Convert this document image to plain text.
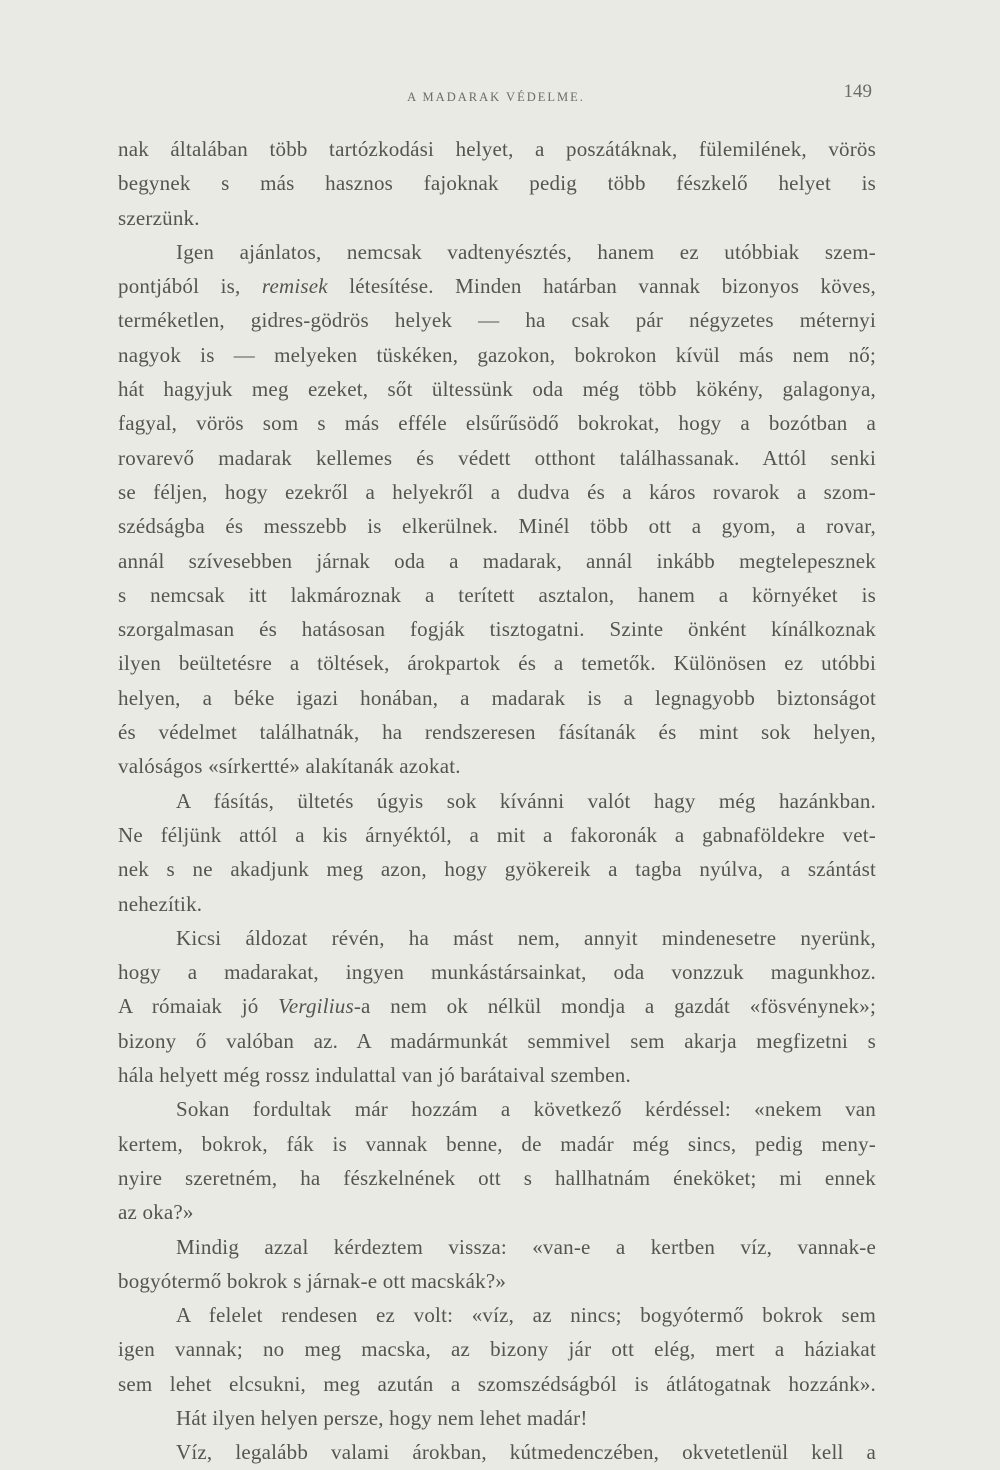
A MADARAK VÉDELME.	149
nak általában több tartózkodási helyet, a poszátáknak, fülemilének, vörös
begynek s más hasznos fajoknak pedig több fészkelő helyet is
szerzünk.
Igen ajánlatos, nemcsak vadtenyésztés, hanem ez utóbbiak szem-
pontjából is, remisek létesítése. Minden határban vannak bizonyos köves,
terméketlen, gidres-gödrös helyek — ha csak pár négyzetes méternyi
nagyok is — melyeken tüskéken, gazokon, bokrokon kívül más nem nő;
hát hagyjuk meg ezeket, sőt ültessünk oda még több kökény, galagonya,
fagyal, vörös som s más efféle elsűrűsödő bokrokat, hogy a bozótban a
rovarevő madarak kellemes és védett otthont találhassanak. Attól senki
se féljen, hogy ezekről a helyekről a dudva és a káros rovarok a szom-
szédságba és messzebb is elkerülnek. Minél több ott a gyom, a rovar,
annál szívesebben járnak oda a madarak, annál inkább megtelepesznek
s nemcsak itt lakmároznak a terített asztalon, hanem a környéket is
szorgalmasan és hatásosan fogják tisztogatni. Szinte önként kínálkoznak
ilyen beültetésre a töltések, árokpartok és a temetők. Különösen ez utóbbi
helyen, a béke igazi honában, a madarak is a legnagyobb biztonságot
és védelmet találhatnák, ha rendszeresen fásítanák és mint sok helyen,
valóságos «sírkertté» alakítanák azokat.
A fásítás, ültetés úgyis sok kívánni valót hagy még hazánkban.
Ne féljünk attól a kis árnyéktól, a mit a fakoronák a gabnaföldekre vet-
nek s ne akadjunk meg azon, hogy gyökereik a tagba nyúlva, a szántást
nehezítik.
Kicsi áldozat révén, ha mást nem, annyit mindenesetre nyerünk,
hogy a madarakat, ingyen munkástársainkat, oda vonzzuk magunkhoz.
A rómaiak jó Vergilius-a nem ok nélkül mondja a gazdát «fösvénynek»;
bizony ő valóban az. A madármunkát semmivel sem akarja megfizetni s
hála helyett még rossz indulattal van jó barátaival szemben.
Sokan fordultak már hozzám a következő kérdéssel: «nekem van
kertem, bokrok, fák is vannak benne, de madár még sincs, pedig meny-
nyire szeretném, ha fészkelnének ott s hallhatnám éneköket; mi ennek
az oka?»
Mindig azzal kérdeztem vissza: «van-e a kertben víz, vannak-e
bogyótermő bokrok s járnak-e ott macskák?»
A felelet rendesen ez volt: «víz, az nincs; bogyótermő bokrok sem
igen vannak; no meg macska, az bizony jár ott elég, mert a háziakat
sem lehet elcsukni, meg azután a szomszédságból is átlátogatnak hozzánk».
Hát ilyen helyen persze, hogy nem lehet madár!
Víz, legalább valami árokban, kútmedenczében, okvetetlenül kell a
